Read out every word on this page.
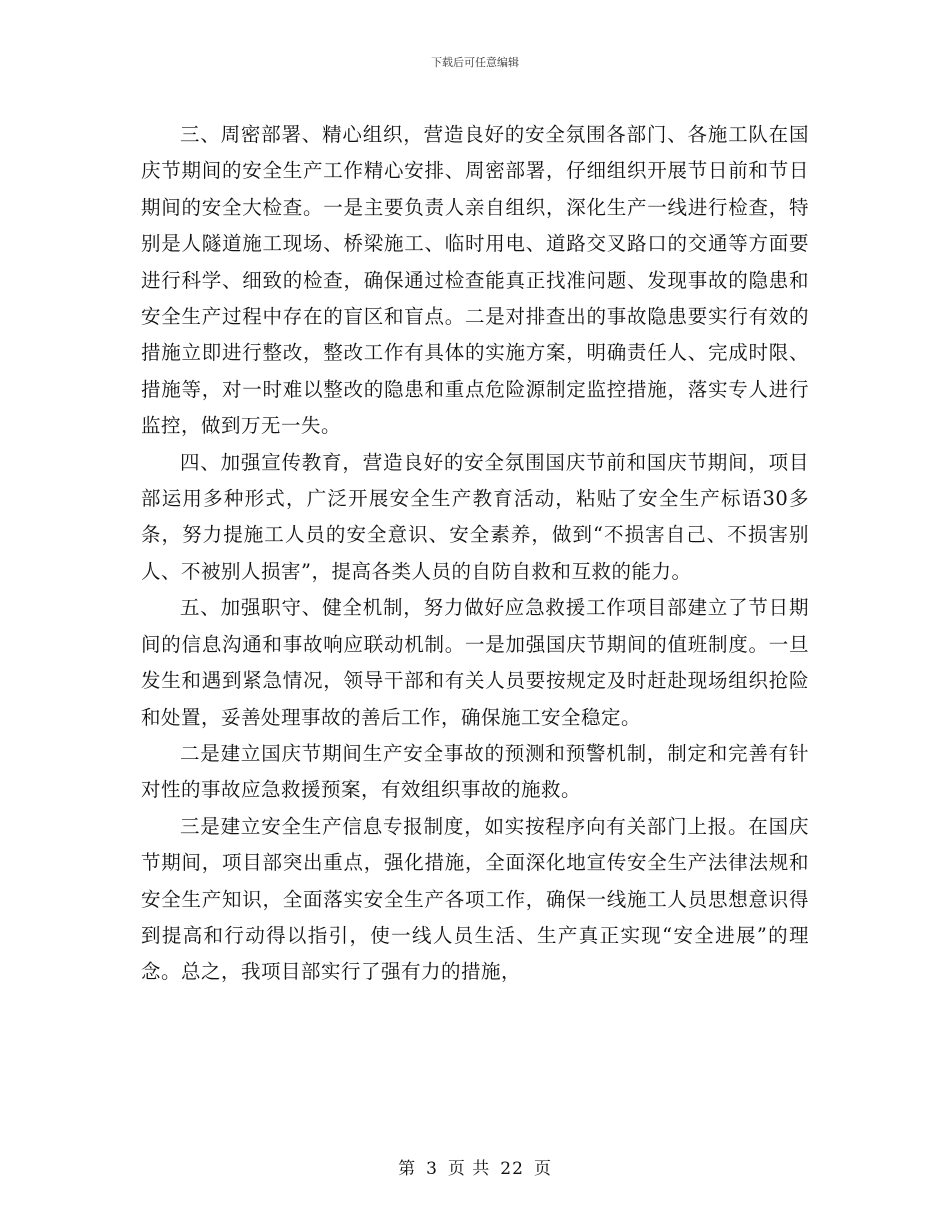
下载后可任意编辑

三、周密部署、精心组织，营造良好的安全氛围各部门、各施工队在国庆节期间的安全生产工作精心安排、周密部署，仔细组织开展节日前和节日期间的安全大检查。一是主要负责人亲自组织，深化生产一线进行检查，特别是人隧道施工现场、桥梁施工、临时用电、道路交叉路口的交通等方面要进行科学、细致的检查，确保通过检查能真正找准问题、发现事故的隐患和安全生产过程中存在的盲区和盲点。二是对排查出的事故隐患要实行有效的措施立即进行整改，整改工作有具体的实施方案，明确责任人、完成时限、措施等，对一时难以整改的隐患和重点危险源制定监控措施，落实专人进行监控，做到万无一失。

四、加强宣传教育，营造良好的安全氛围国庆节前和国庆节期间，项目部运用多种形式，广泛开展安全生产教育活动，粘贴了安全生产标语30多条，努力提施工人员的安全意识、安全素养，做到“不损害自己、不损害别人、不被别人损害”，提高各类人员的自防自救和互救的能力。

五、加强职守、健全机制，努力做好应急救援工作项目部建立了节日期间的信息沟通和事故响应联动机制。一是加强国庆节期间的值班制度。一旦发生和遇到紧急情况，领导干部和有关人员要按规定及时赶赴现场组织抢险和处置，妥善处理事故的善后工作，确保施工安全稳定。

二是建立国庆节期间生产安全事故的预测和预警机制，制定和完善有针对性的事故应急救援预案，有效组织事故的施救。

三是建立安全生产信息专报制度，如实按程序向有关部门上报。在国庆节期间，项目部突出重点，强化措施，全面深化地宣传安全生产法律法规和安全生产知识，全面落实安全生产各项工作，确保一线施工人员思想意识得到提高和行动得以指引，使一线人员生活、生产真正实现“安全进展”的理念。总之，我项目部实行了强有力的措施，

第 3 页 共 22 页
